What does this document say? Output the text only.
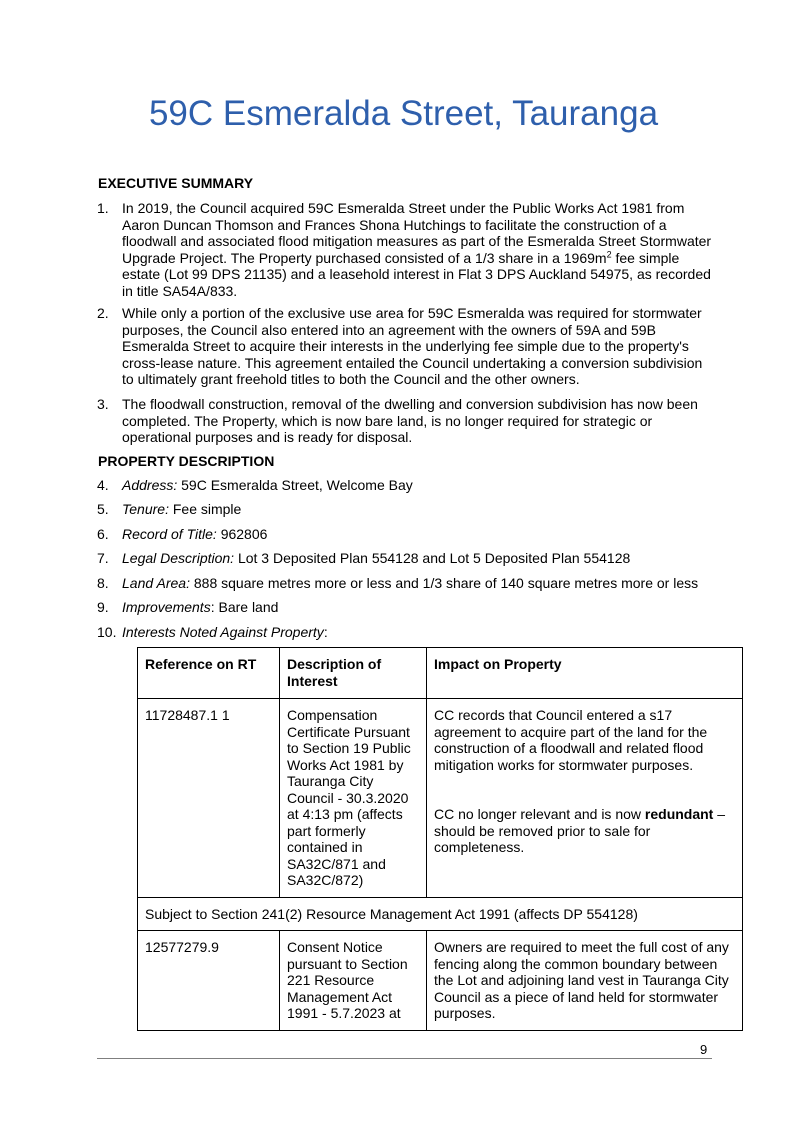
59C Esmeralda Street, Tauranga
EXECUTIVE SUMMARY
1. In 2019, the Council acquired 59C Esmeralda Street under the Public Works Act 1981 from Aaron Duncan Thomson and Frances Shona Hutchings to facilitate the construction of a floodwall and associated flood mitigation measures as part of the Esmeralda Street Stormwater Upgrade Project. The Property purchased consisted of a 1/3 share in a $1969m^2$ fee simple estate (Lot 99 DPS 21135) and a leasehold interest in Flat 3 DPS Auckland 54975, as recorded in title SA54A/833.
2. While only a portion of the exclusive use area for 59C Esmeralda was required for stormwater purposes, the Council also entered into an agreement with the owners of 59A and 59B Esmeralda Street to acquire their interests in the underlying fee simple due to the property's cross-lease nature. This agreement entailed the Council undertaking a conversion subdivision to ultimately grant freehold titles to both the Council and the other owners.
3. The floodwall construction, removal of the dwelling and conversion subdivision has now been completed. The Property, which is now bare land, is no longer required for strategic or operational purposes and is ready for disposal.
PROPERTY DESCRIPTION
4. Address: 59C Esmeralda Street, Welcome Bay
5. Tenure: Fee simple
6. Record of Title: 962806
7. Legal Description: Lot 3 Deposited Plan 554128 and Lot 5 Deposited Plan 554128
8. Land Area: 888 square metres more or less and 1/3 share of 140 square metres more or less
9. Improvements: Bare land
10. Interests Noted Against Property:
Reference on RT	Description of Interest	Impact on Property
11728487.1 1	Compensation Certificate Pursuant to Section 19 Public Works Act 1981 by Tauranga City Council - 30.3.2020 at 4:13 pm (affects part formerly contained in SA32C/871 and SA32C/872)	CC records that Council entered a s17 agreement to acquire part of the land for the construction of a floodwall and related flood mitigation works for stormwater purposes.
CC no longer relevant and is now redundant – should be removed prior to sale for completeness.
Subject to Section 241(2) Resource Management Act 1991 (affects DP 554128)		
12577279.9	Consent Notice pursuant to Section 221 Resource Management Act 1991 - 5.7.2023 at	Owners are required to meet the full cost of any fencing along the common boundary between the Lot and adjoining land vest in Tauranga City Council as a piece of land held for stormwater purposes.
9
